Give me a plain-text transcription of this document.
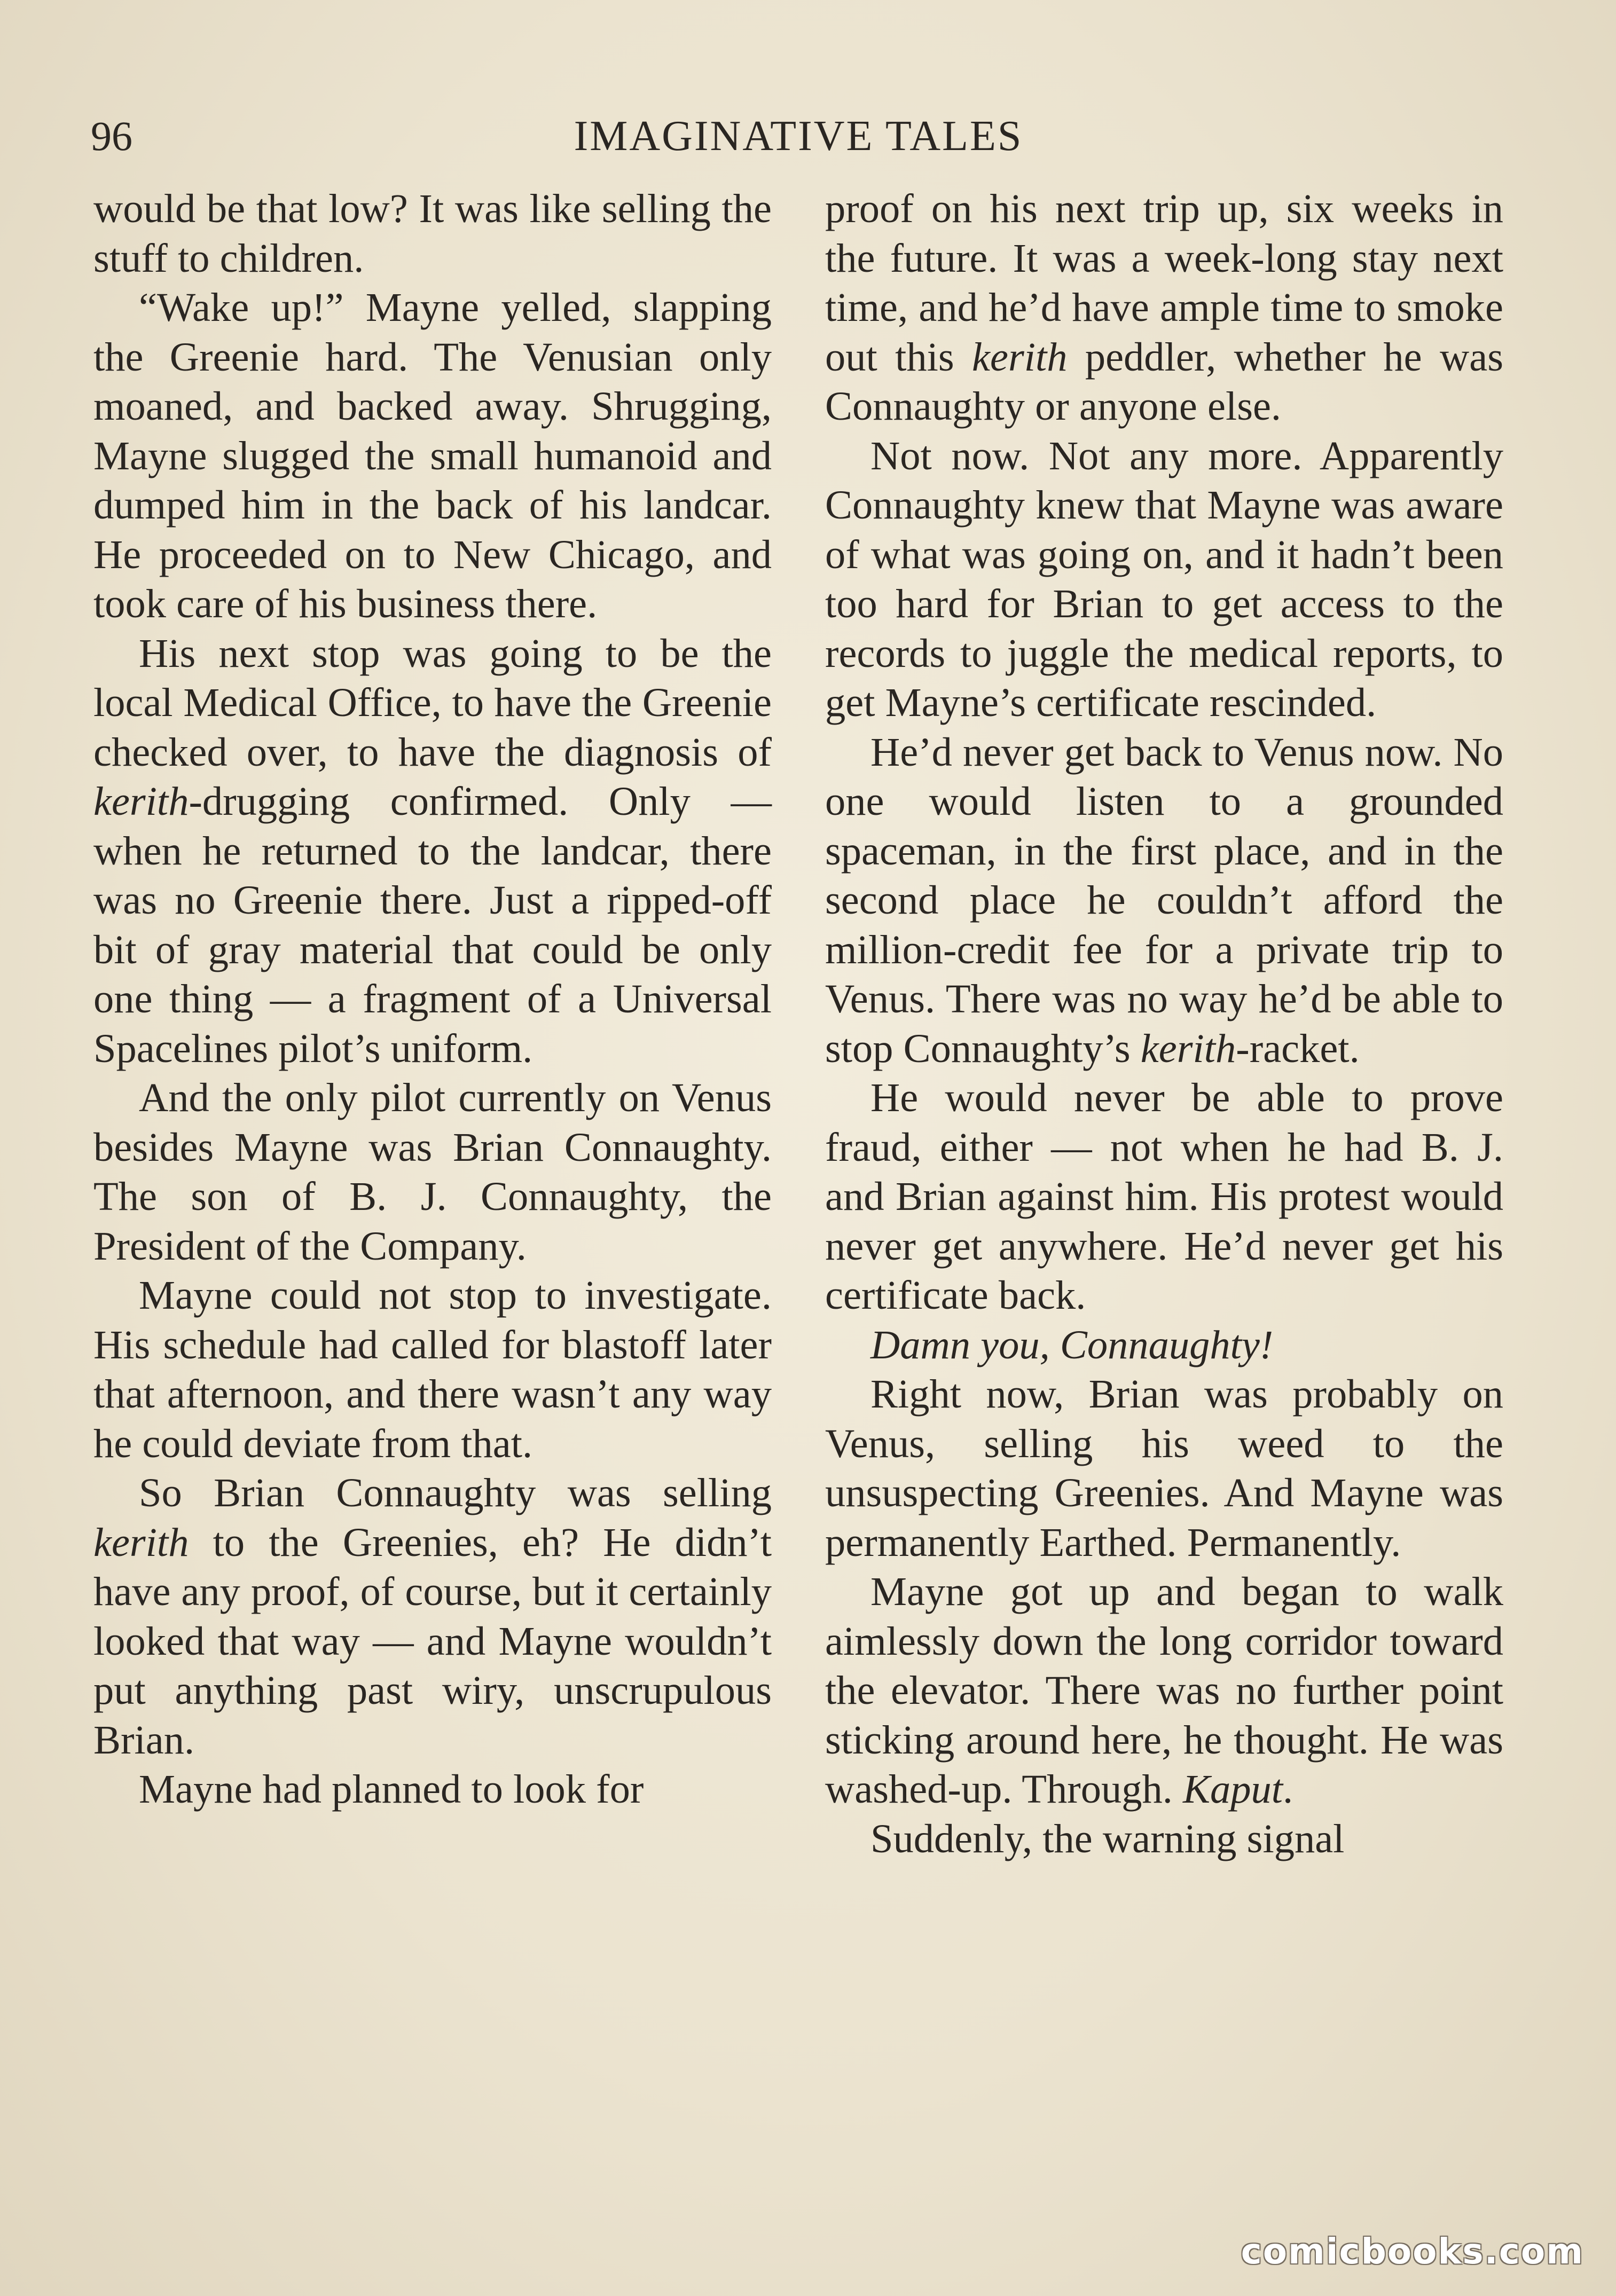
96	IMAGINATIVE TALES

would be that low? It was like selling the stuff to children.

“Wake up!” Mayne yelled, slapping the Greenie hard. The Venusian only moaned, and backed away. Shrugging, Mayne slugged the small humanoid and dumped him in the back of his landcar. He proceeded on to New Chicago, and took care of his business there.

His next stop was going to be the local Medical Office, to have the Greenie checked over, to have the diagnosis of kerith-drugging confirmed. Only — when he returned to the landcar, there was no Greenie there. Just a ripped-off bit of gray material that could be only one thing — a fragment of a Universal Spacelines pilot’s uniform.

And the only pilot currently on Venus besides Mayne was Brian Connaughty. The son of B. J. Connaughty, the President of the Company.

Mayne could not stop to investigate. His schedule had called for blastoff later that afternoon, and there wasn’t any way he could deviate from that.

So Brian Connaughty was selling kerith to the Greenies, eh? He didn’t have any proof, of course, but it certainly looked that way — and Mayne wouldn’t put anything past wiry, unscrupulous Brian.

Mayne had planned to look for

proof on his next trip up, six weeks in the future. It was a week-long stay next time, and he’d have ample time to smoke out this kerith peddler, whether he was Connaughty or anyone else.

Not now. Not any more. Apparently Connaughty knew that Mayne was aware of what was going on, and it hadn’t been too hard for Brian to get access to the records to juggle the medical reports, to get Mayne’s certificate rescinded.

He’d never get back to Venus now. No one would listen to a grounded spaceman, in the first place, and in the second place he couldn’t afford the million-credit fee for a private trip to Venus. There was no way he’d be able to stop Connaughty’s kerith-racket.

He would never be able to prove fraud, either — not when he had B. J. and Brian against him. His protest would never get anywhere. He’d never get his certificate back.

Damn you, Connaughty!

Right now, Brian was probably on Venus, selling his weed to the unsuspecting Greenies. And Mayne was permanently Earthed. Permanently.

Mayne got up and began to walk aimlessly down the long corridor toward the elevator. There was no further point sticking around here, he thought. He was washed-up. Through. Kaput.

Suddenly, the warning signal

comicbooks.com
